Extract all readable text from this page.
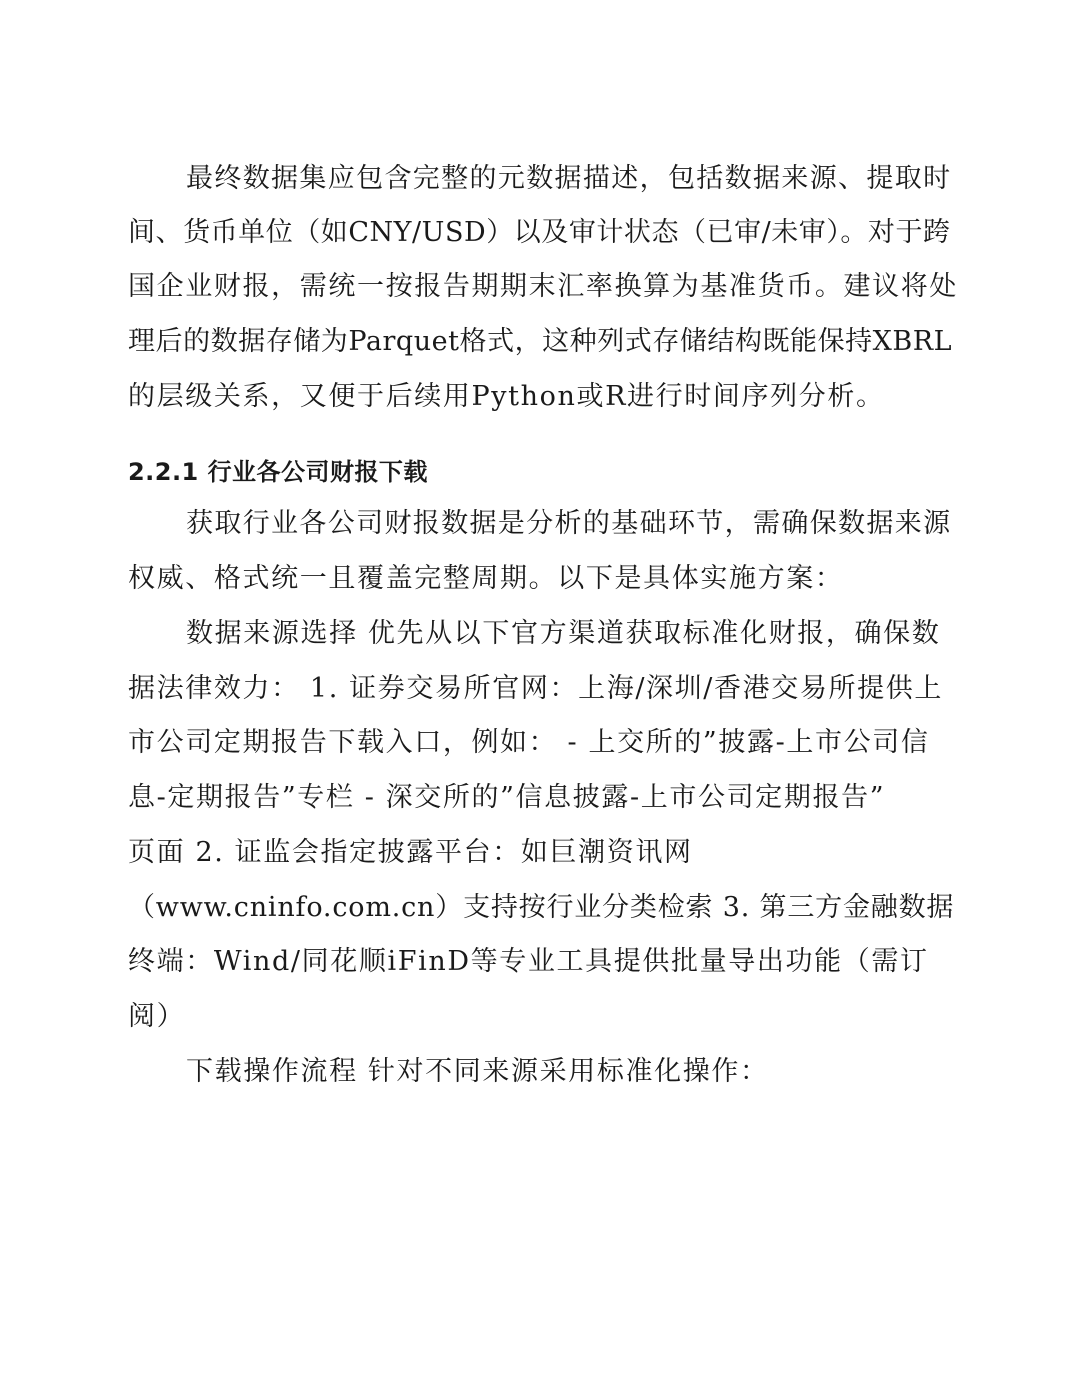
最终数据集应包含完整的元数据描述，包括数据来源、提取时
间、货币单位（如CNY/USD）以及审计状态（已审/未审）。对于跨
国企业财报，需统一按报告期期末汇率换算为基准货币。建议将处
理后的数据存储为Parquet格式，这种列式存储结构既能保持XBRL
的层级关系，又便于后续用Python或R进行时间序列分析。
2.2.1 行业各公司财报下载
获取行业各公司财报数据是分析的基础环节，需确保数据来源
权威、格式统一且覆盖完整周期。以下是具体实施方案：
数据来源选择 优先从以下官方渠道获取标准化财报，确保数
据法律效力： 1. 证券交易所官网：上海/深圳/香港交易所提供上
市公司定期报告下载入口，例如： - 上交所的”披露-上市公司信
息-定期报告”专栏 - 深交所的”信息披露-上市公司定期报告”
页面 2. 证监会指定披露平台：如巨潮资讯网
（www.cninfo.com.cn）支持按行业分类检索 3. 第三方金融数据
终端：Wind/同花顺iFinD等专业工具提供批量导出功能（需订
阅）
下载操作流程 针对不同来源采用标准化操作：
